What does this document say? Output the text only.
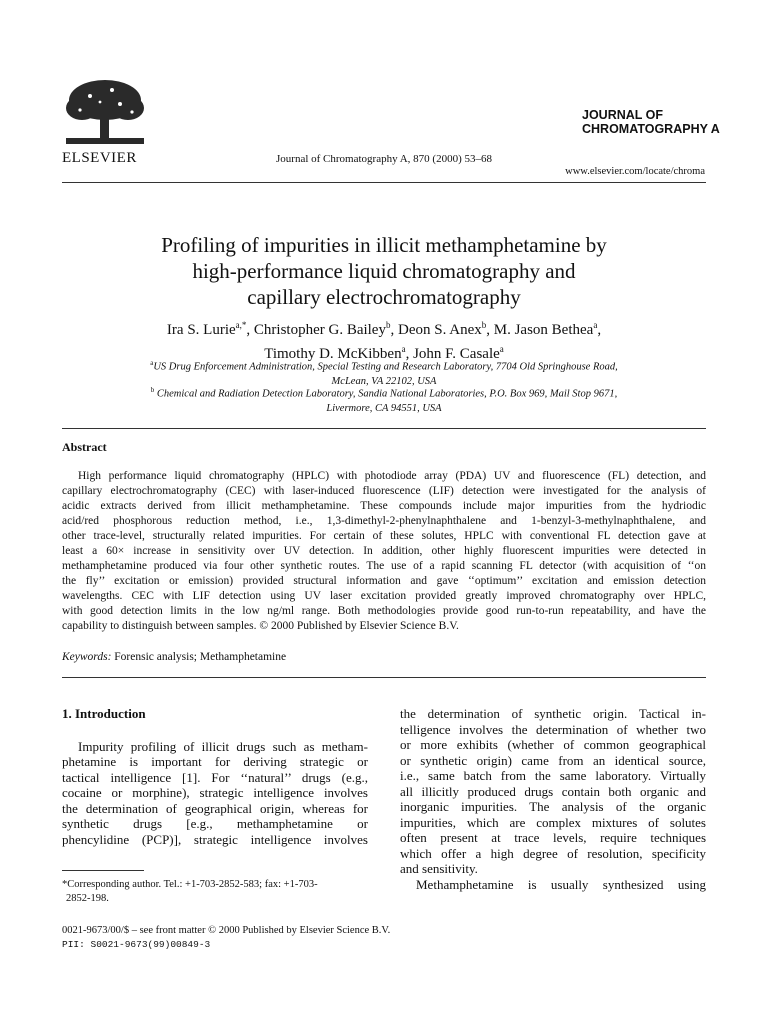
ELSEVIER	Journal of Chromatography A, 870 (2000) 53–68
JOURNAL OF
CHROMATOGRAPHY A
www.elsevier.com/locate/chroma
Profiling of impurities in illicit methamphetamine by
high-performance liquid chromatography and
capillary electrochromatography
Ira S. Lurie$^{a,*}$, Christopher G. Bailey$^b$, Deon S. Anex$^b$, M. Jason Bethea$^a$,
Timothy D. McKibben$^a$, John F. Casale$^a$
$^a$US Drug Enforcement Administration, Special Testing and Research Laboratory, 7704 Old Springhouse Road,
McLean, VA 22102, USA
$^b$ Chemical and Radiation Detection Laboratory, Sandia National Laboratories, P.O. Box 969, Mail Stop 9671,
Livermore, CA 94551, USA
Abstract
High performance liquid chromatography (HPLC) with photodiode array (PDA) UV and fluorescence (FL) detection, and
capillary electrochromatography (CEC) with laser-induced fluorescence (LIF) detection were investigated for the analysis of
acidic extracts derived from illicit methamphetamine. These compounds include major impurities from the hydriodic
acid/red phosphorous reduction method, i.e., 1,3-dimethyl-2-phenylnaphthalene and 1-benzyl-3-methylnaphthalene, and
other trace-level, structurally related impurities. For certain of these solutes, HPLC with conventional FL detection gave at
least a 60× increase in sensitivity over UV detection. In addition, other highly fluorescent impurities were detected in
methamphetamine produced via four other synthetic routes. The use of a rapid scanning FL detector (with acquisition of ‘‘on
the fly’’ excitation or emission) provided structural information and gave ‘‘optimum’’ excitation and emission detection
wavelengths. CEC with LIF detection using UV laser excitation provided greatly improved chromatography over HPLC,
with good detection limits in the low ng/ml range. Both methodologies provide good run-to-run repeatability, and have the
capability to distinguish between samples. © 2000 Published by Elsevier Science B.V.
Keywords: Forensic analysis; Methamphetamine
1. Introduction
Impurity profiling of illicit drugs such as metham-
phetamine is important for deriving strategic or
tactical intelligence [1]. For ‘‘natural’’ drugs (e.g.,
cocaine or morphine), strategic intelligence involves
the determination of geographical origin, whereas for
synthetic drugs [e.g., methamphetamine or
phencylidine (PCP)], strategic intelligence involves
the determination of synthetic origin. Tactical in-
telligence involves the determination of whether two
or more exhibits (whether of common geographical
or synthetic origin) came from an identical source,
i.e., same batch from the same laboratory. Virtually
all illicitly produced drugs contain both organic and
inorganic impurities. The analysis of the organic
impurities, which are complex mixtures of solutes
often present at trace levels, require techniques
which offer a high degree of resolution, specificity
and sensitivity.
Methamphetamine is usually synthesized using
*Corresponding author. Tel.: +1-703-2852-583; fax: +1-703-
2852-198.
0021-9673/00/$ – see front matter © 2000 Published by Elsevier Science B.V.
PII: S0021-9673(99)00849-3
